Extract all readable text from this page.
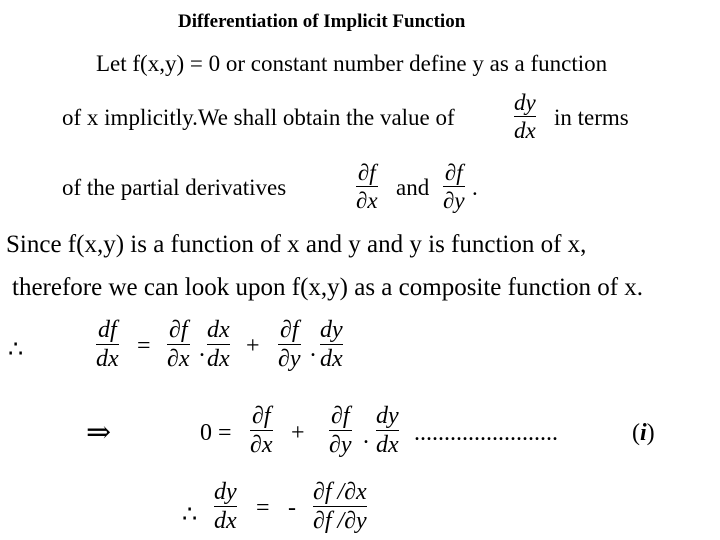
Differentiation of Implicit Function
Let f(x,y) = 0 or constant number define y as a function
of x implicitly.We shall obtain the value of
dy
dx
in terms
of the partial derivatives
∂f
∂x
and
∂f
∂y
.
Since f(x,y) is a function of x and y and y is function of x,
therefore we can look upon f(x,y) as a composite function of x.
∴
df
dx
=
∂f
∂x .
dx
dx
+
∂f
∂y .
dy
dx
⇒	0 =
∂f
∂x +
∂f
∂y .
dy
dx ........................	(i)
∴
dy
dx
= -
∂f /∂x
∂f /∂y
